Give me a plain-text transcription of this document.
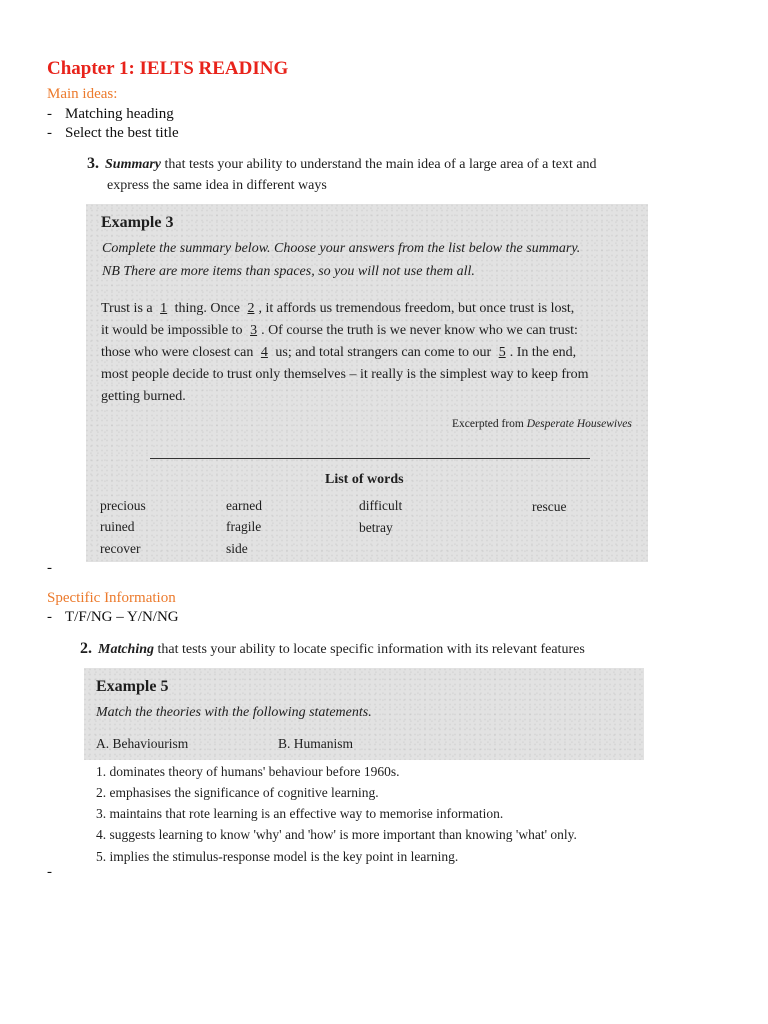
Chapter 1: IELTS READING
Main ideas:
- Matching heading
- Select the best title
3. Summary that tests your ability to understand the main idea of a large area of a text and
express the same idea in different ways
Example 3
Complete the summary below. Choose your answers from the list below the summary.
NB There are more items than spaces, so you will not use them all.
Trust is a 1 thing. Once 2 , it affords us tremendous freedom, but once trust is lost,
it would be impossible to 3 . Of course the truth is we never know who we can trust:
those who were closest can 4 us; and total strangers can come to our 5 . In the end,
most people decide to trust only themselves – it really is the simplest way to keep from
getting burned.
Excerpted from Desperate Housewives
List of words
precious	earned	difficult	rescue
ruined	fragile	betray
recover	side
-
Spectific Information
- T/F/NG – Y/N/NG
2. Matching that tests your ability to locate specific information with its relevant features
Example 5
Match the theories with the following statements.
A. Behaviourism	B. Humanism
1. dominates theory of humans' behaviour before 1960s.
2. emphasises the significance of cognitive learning.
3. maintains that rote learning is an effective way to memorise information.
4. suggests learning to know 'why' and 'how' is more important than knowing 'what' only.
5. implies the stimulus-response model is the key point in learning.
-
